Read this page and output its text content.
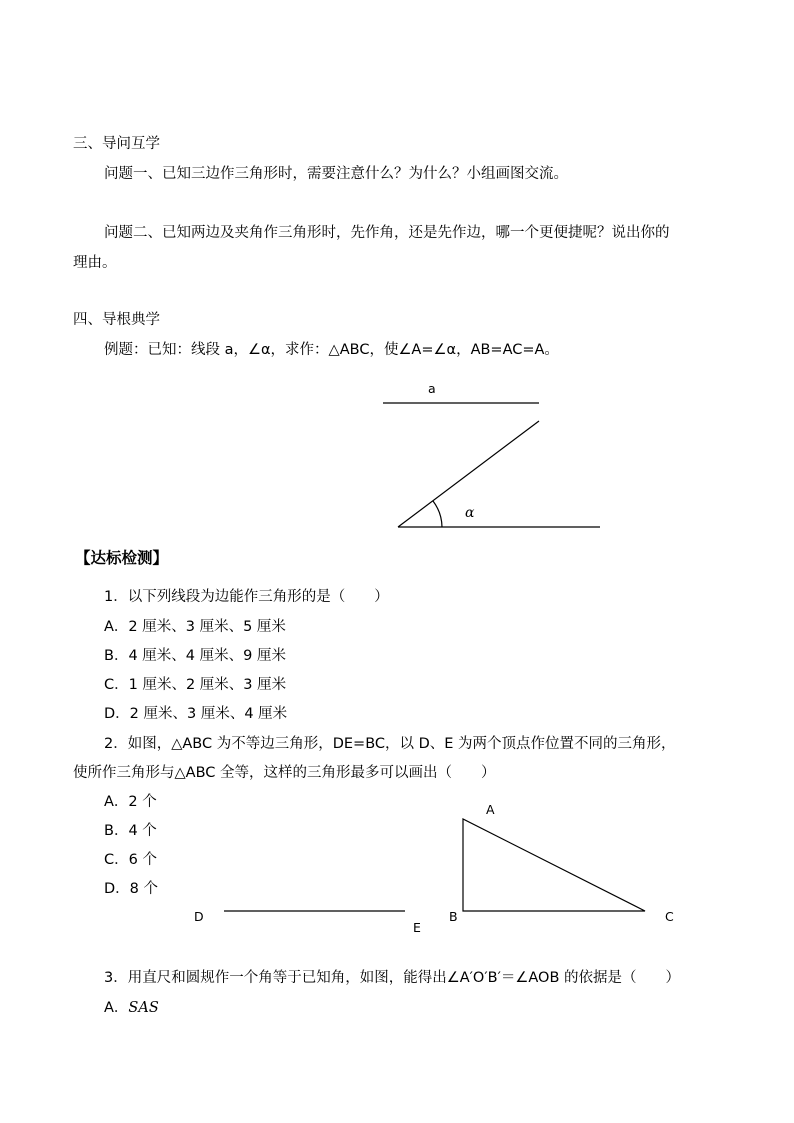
三、导问互学
问题一、已知三边作三角形时，需要注意什么？为什么？小组画图交流。
问题二、已知两边及夹角作三角形时，先作角，还是先作边，哪一个更便捷呢？说出你的
理由。
四、导根典学
例题：已知：线段 a，∠α，求作：△ABC，使∠A=∠α，AB=AC=A。
a
α
【达标检测】
1．以下列线段为边能作三角形的是（　　）
A．2 厘米、3 厘米、5 厘米
B．4 厘米、4 厘米、9 厘米
C．1 厘米、2 厘米、3 厘米
D．2 厘米、3 厘米、4 厘米
2．如图，△ABC 为不等边三角形，DE=BC，以 D、E 为两个顶点作位置不同的三角形，
使所作三角形与△ABC 全等，这样的三角形最多可以画出（　　）
A．2 个
B．4 个
C．6 个
D．8 个
A
B	C
D
E
3．用直尺和圆规作一个角等于已知角，如图，能得出∠A′O′B′＝∠AOB 的依据是（　　）
A．SAS
